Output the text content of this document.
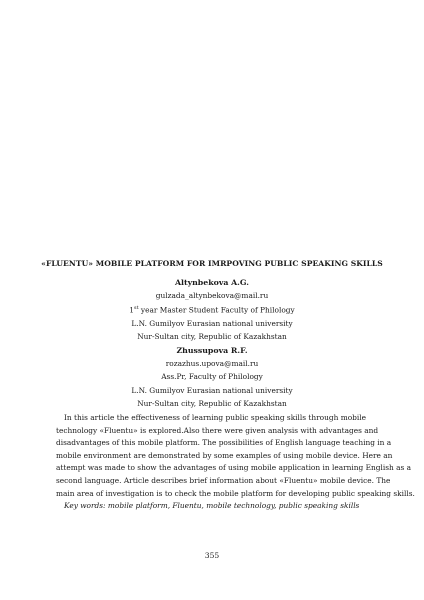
«FLUENTU» MOBILE PLATFORM FOR IMRPOVING PUBLIC SPEAKING SKILLS
Altynbekova A.G.
gulzada_altynbekova@mail.ru
1st year Master Student Faculty of Philology
L.N. Gumilyov Eurasian national university
Nur-Sultan city, Republic of Kazakhstan
Zhussupova R.F.
rozazhus.upova@mail.ru
Ass.Pr, Faculty of Philology
L.N. Gumilyov Eurasian national university
Nur-Sultan city, Republic of Kazakhstan
In this article the effectiveness of learning public speaking skills through mobile
technology «Fluentu» is explored.Also there were given analysis with advantages and
disadvantages of this mobile platform. The possibilities of English language teaching in a
mobile environment are demonstrated by some examples of using mobile device. Here an
attempt was made to show the advantages of using mobile application in learning English as a
second language. Article describes brief information about «Fluentu» mobile device. The
main area of investigation is to check the mobile platform for developing public speaking skills.
Key words: mobile platform, Fluentu, mobile technology, public speaking skills
355
